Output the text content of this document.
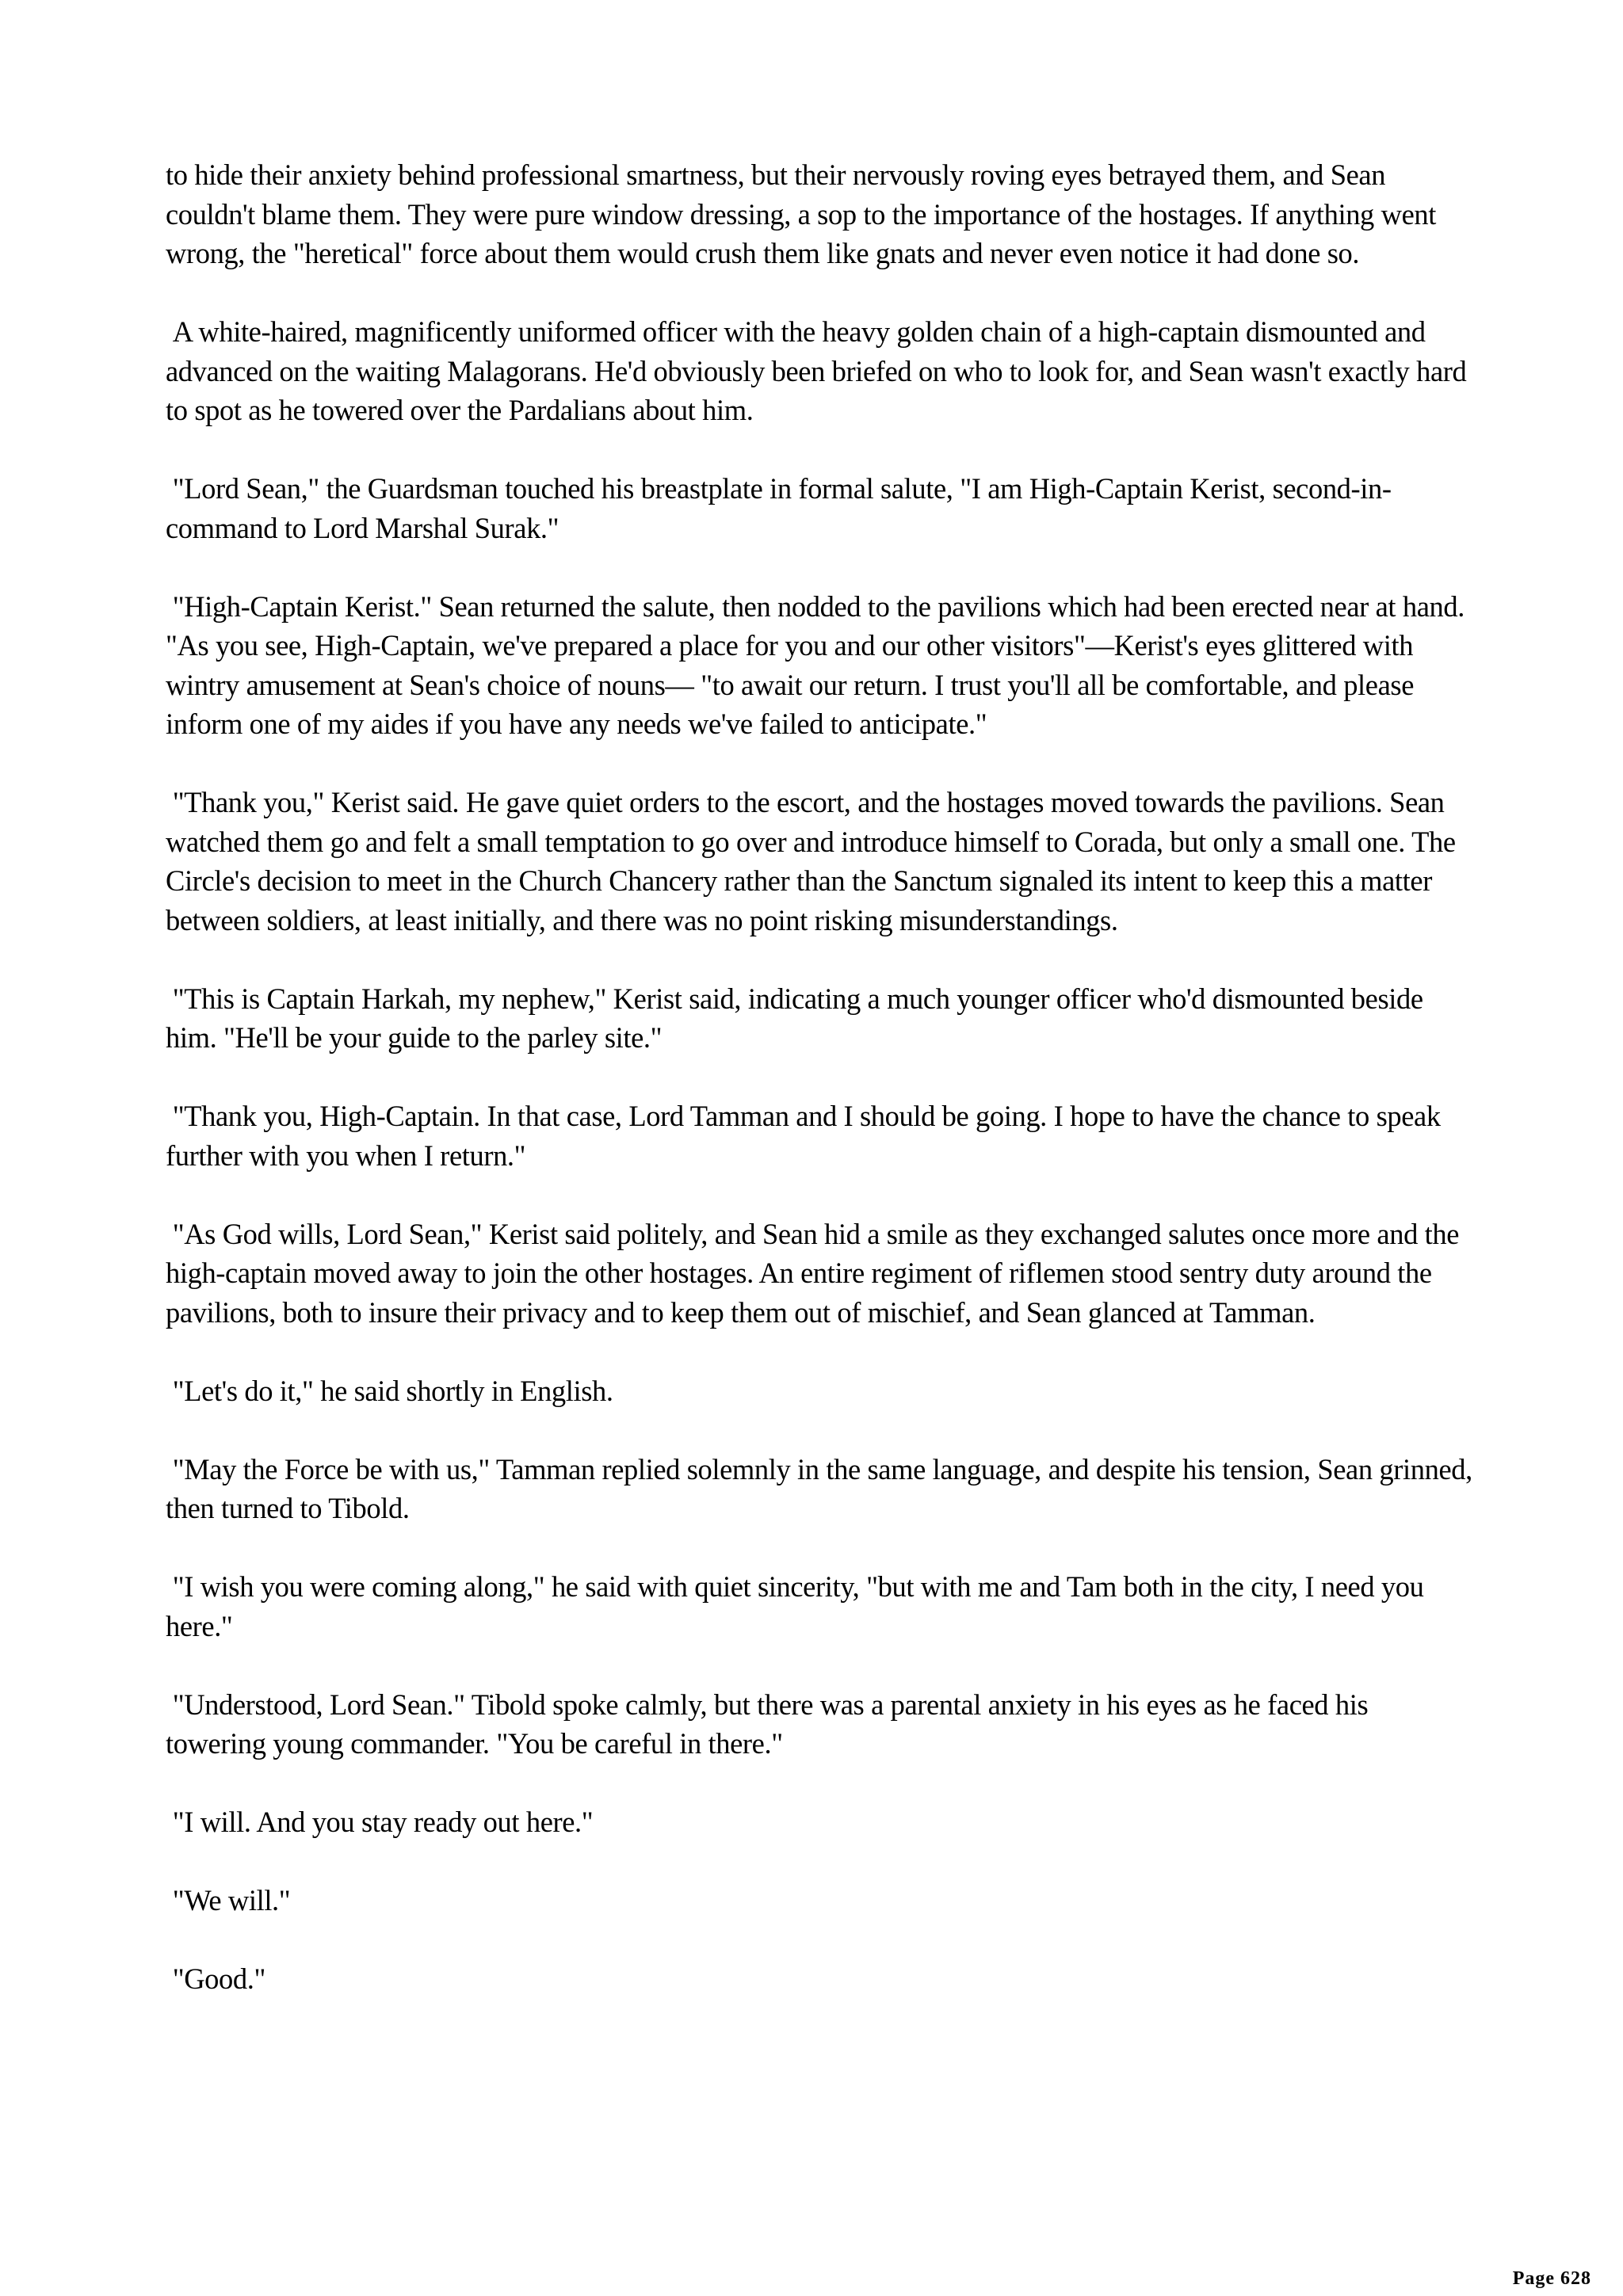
to hide their anxiety behind professional smartness, but their nervously roving eyes betrayed them, and Sean couldn't blame them. They were pure window dressing, a sop to the importance of the hostages. If anything went wrong, the "heretical" force about them would crush them like gnats and never even notice it had done so.

A white-haired, magnificently uniformed officer with the heavy golden chain of a high-captain dismounted and advanced on the waiting Malagorans. He'd obviously been briefed on who to look for, and Sean wasn't exactly hard to spot as he towered over the Pardalians about him.

"Lord Sean," the Guardsman touched his breastplate in formal salute, "I am High-Captain Kerist, second-in-command to Lord Marshal Surak."

"High-Captain Kerist." Sean returned the salute, then nodded to the pavilions which had been erected near at hand. "As you see, High-Captain, we've prepared a place for you and our other visitors"—Kerist's eyes glittered with wintry amusement at Sean's choice of nouns— "to await our return. I trust you'll all be comfortable, and please inform one of my aides if you have any needs we've failed to anticipate."

"Thank you," Kerist said. He gave quiet orders to the escort, and the hostages moved towards the pavilions. Sean watched them go and felt a small temptation to go over and introduce himself to Corada, but only a small one. The Circle's decision to meet in the Church Chancery rather than the Sanctum signaled its intent to keep this a matter between soldiers, at least initially, and there was no point risking misunderstandings.

"This is Captain Harkah, my nephew," Kerist said, indicating a much younger officer who'd dismounted beside him. "He'll be your guide to the parley site."

"Thank you, High-Captain. In that case, Lord Tamman and I should be going. I hope to have the chance to speak further with you when I return."

"As God wills, Lord Sean," Kerist said politely, and Sean hid a smile as they exchanged salutes once more and the high-captain moved away to join the other hostages. An entire regiment of riflemen stood sentry duty around the pavilions, both to insure their privacy and to keep them out of mischief, and Sean glanced at Tamman.

"Let's do it," he said shortly in English.

"May the Force be with us," Tamman replied solemnly in the same language, and despite his tension, Sean grinned, then turned to Tibold.

"I wish you were coming along," he said with quiet sincerity, "but with me and Tam both in the city, I need you here."

"Understood, Lord Sean." Tibold spoke calmly, but there was a parental anxiety in his eyes as he faced his towering young commander. "You be careful in there."

"I will. And you stay ready out here."

"We will."

"Good."

Page 628
